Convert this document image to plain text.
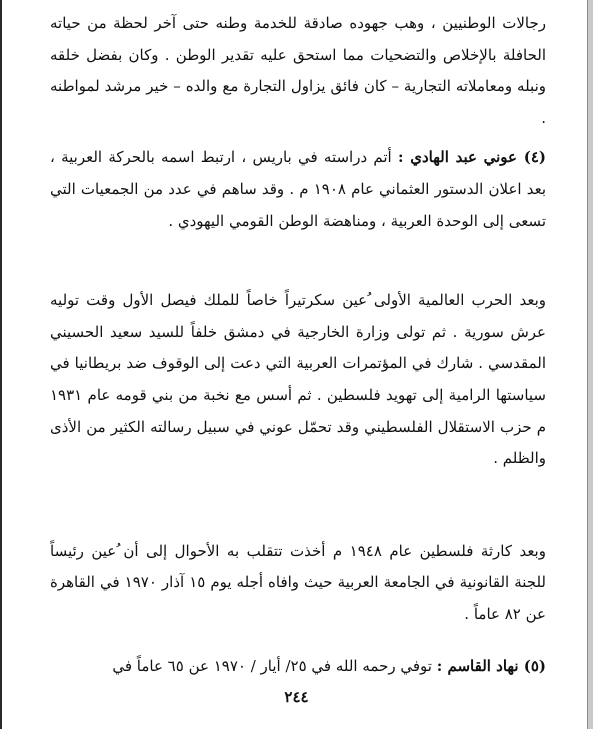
رجالات الوطنيين ، وهب جهوده صادقة للخدمة وطنه حتى آخر لحظة من حياته الحافلة بالإخلاص والتضحيات مما استحق عليه تقدير الوطن . وكان بفضل خلقه ونبله ومعاملاته التجارية – كان فائق يزاول التجارة مع والده – خير مرشد لمواطنه .

(٤) عوني عبد الهادي : أتم دراسته في باريس ، ارتبط اسمه بالحركة العربية ، بعد اعلان الدستور العثماني عام ١٩٠٨ م . وقد ساهم في عدد من الجمعيات التي تسعى إلى الوحدة العربية ، ومناهضة الوطن القومي اليهودي .

وبعد الحرب العالمية الأولى ُعين سكرتيراً خاصاً للملك فيصل الأول وقت توليه عرش سورية . ثم تولى وزارة الخارجية في دمشق خلفاً للسيد سعيد الحسيني المقدسي . شارك في المؤتمرات العربية التي دعت إلى الوقوف ضد بريطانيا في سياستها الرامية إلى تهويد فلسطين . ثم أسس مع نخبة من بني قومه عام ١٩٣١ م حزب الاستقلال الفلسطيني وقد تحمّل عوني في سبيل رسالته الكثير من الأذى والظلم .

وبعد كارثة فلسطين عام ١٩٤٨ م أخذت تتقلب به الأحوال إلى أن ُعين رئيساً للجنة القانونية في الجامعة العربية حيث وافاه أجله يوم ١٥ آذار ١٩٧٠ في القاهرة عن ٨٢ عاماً .

(٥) نهاد القاسم : توفي رحمه الله في ٢٥/ أيار / ١٩٧٠ عن ٦٥ عاماً في

٢٤٤
